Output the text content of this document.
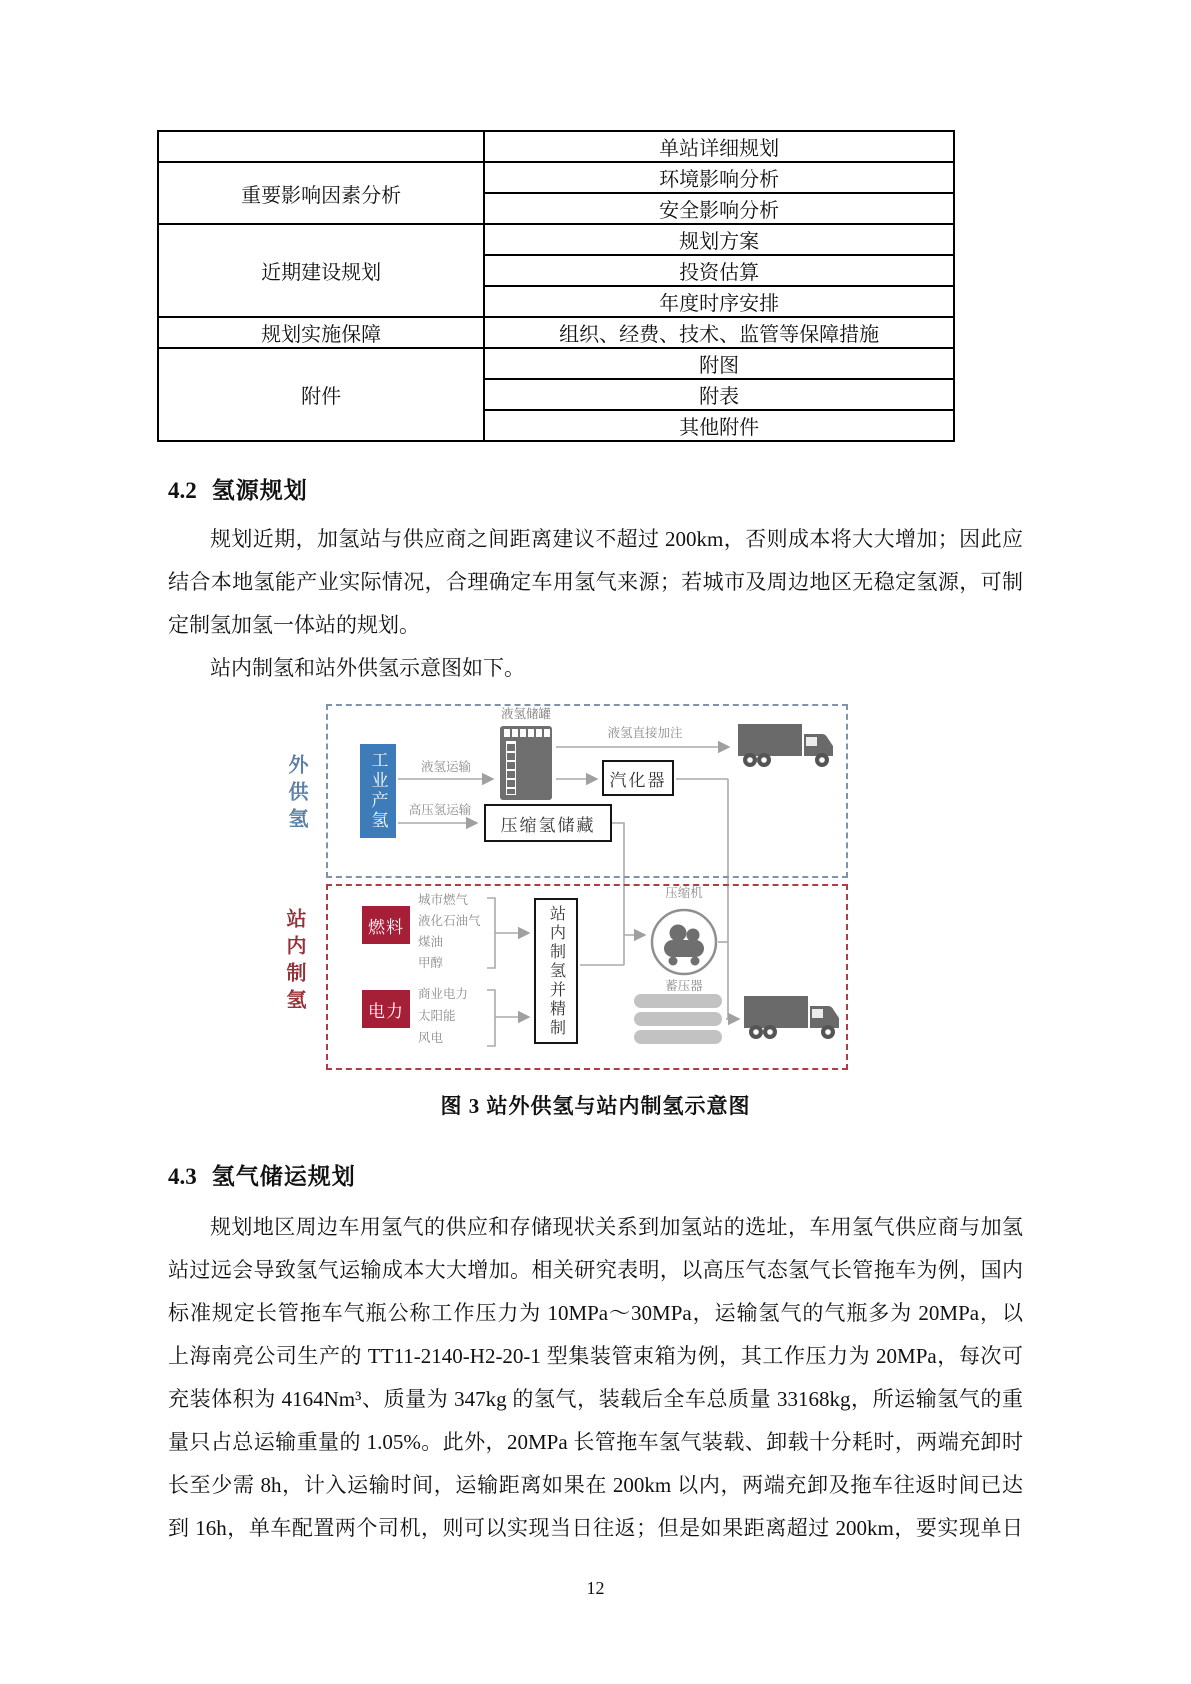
	单站详细规划
重要影响因素分析	环境影响分析
	安全影响分析
近期建设规划	规划方案
	投资估算
	年度时序安排
规划实施保障	组织、经费、技术、监管等保障措施
附件	附图
	附表
	其他附件
4.2 氢源规划
规划近期，加氢站与供应商之间距离建议不超过 200km，否则成本将大大增加；因此应
结合本地氢能产业实际情况，合理确定车用氢气来源；若城市及周边地区无稳定氢源，可制
定制氢加氢一体站的规划。
站内制氢和站外供氢示意图如下。
外供氢
站内制氢
工业产氢	液氢运输
液氢储罐
液氢直接加注
汽化器
高压氢运输
压缩氢储藏
燃料
城市燃气
液化石油气
煤油
甲醇
电力
商业电力
太阳能
风电
站内制氢并精制
压缩机
蓄压器
图 3 站外供氢与站内制氢示意图
4.3 氢气储运规划
规划地区周边车用氢气的供应和存储现状关系到加氢站的选址，车用氢气供应商与加氢
站过远会导致氢气运输成本大大增加。相关研究表明，以高压气态氢气长管拖车为例，国内
标准规定长管拖车气瓶公称工作压力为 10MPa～30MPa，运输氢气的气瓶多为 20MPa，以
上海南亮公司生产的 TT11-2140-H2-20-1 型集装管束箱为例，其工作压力为 20MPa，每次可
充装体积为 4164Nm³、质量为 347kg 的氢气，装载后全车总质量 33168kg，所运输氢气的重
量只占总运输重量的 1.05%。此外，20MPa 长管拖车氢气装载、卸载十分耗时，两端充卸时
长至少需 8h，计入运输时间，运输距离如果在 200km 以内，两端充卸及拖车往返时间已达
到 16h，单车配置两个司机，则可以实现当日往返；但是如果距离超过 200km，要实现单日
12
